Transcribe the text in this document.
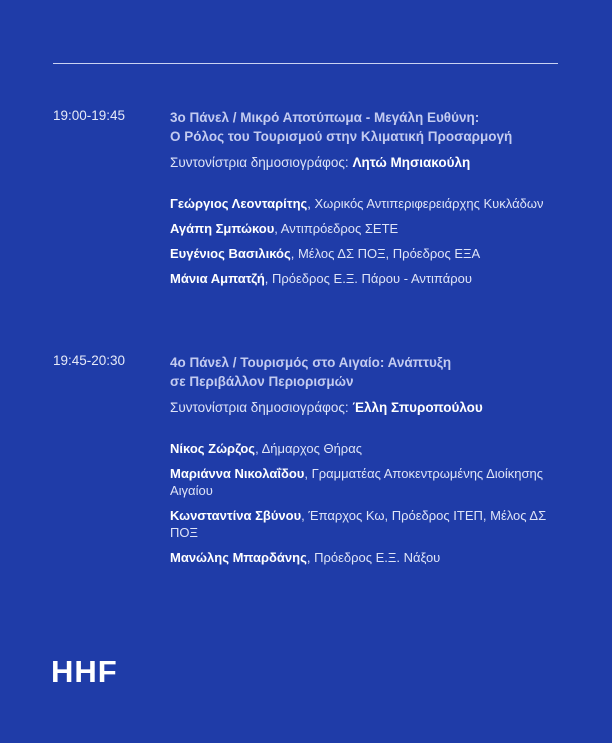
19:00-19:45	3ο Πάνελ / Μικρό Αποτύπωμα - Μεγάλη Ευθύνη:
Ο Ρόλος του Τουρισμού στην Κλιματική Προσαρμογή

Συντονίστρια δημοσιογράφος: Λητώ Μησιακούλη
Γεώργιος Λεονταρίτης, Χωρικός Αντιπεριφερειάρχης Κυκλάδων
Αγάπη Σμπώκου, Αντιπρόεδρος ΣΕΤΕ
Ευγένιος Βασιλικός, Μέλος ΔΣ ΠΟΞ, Πρόεδρος ΕΞΑ
Μάνια Αμπατζή, Πρόεδρος Ε.Ξ. Πάρου - Αντιπάρου
19:45-20:30	4ο Πάνελ / Τουρισμός στο Αιγαίο: Ανάπτυξη
σε Περιβάλλον Περιορισμών

Συντονίστρια δημοσιογράφος: Έλλη Σπυροπούλου
Νίκος Ζώρζος, Δήμαρχος Θήρας
Μαριάννα Νικολαΐδου, Γραμματέας Αποκεντρωμένης Διοίκησης Αιγαίου
Κωνσταντίνα Σβύνου, Έπαρχος Κω, Πρόεδρος ΙΤΕΠ, Μέλος ΔΣ ΠΟΞ
Μανώλης Μπαρδάνης, Πρόεδρος Ε.Ξ. Νάξου
HHF
